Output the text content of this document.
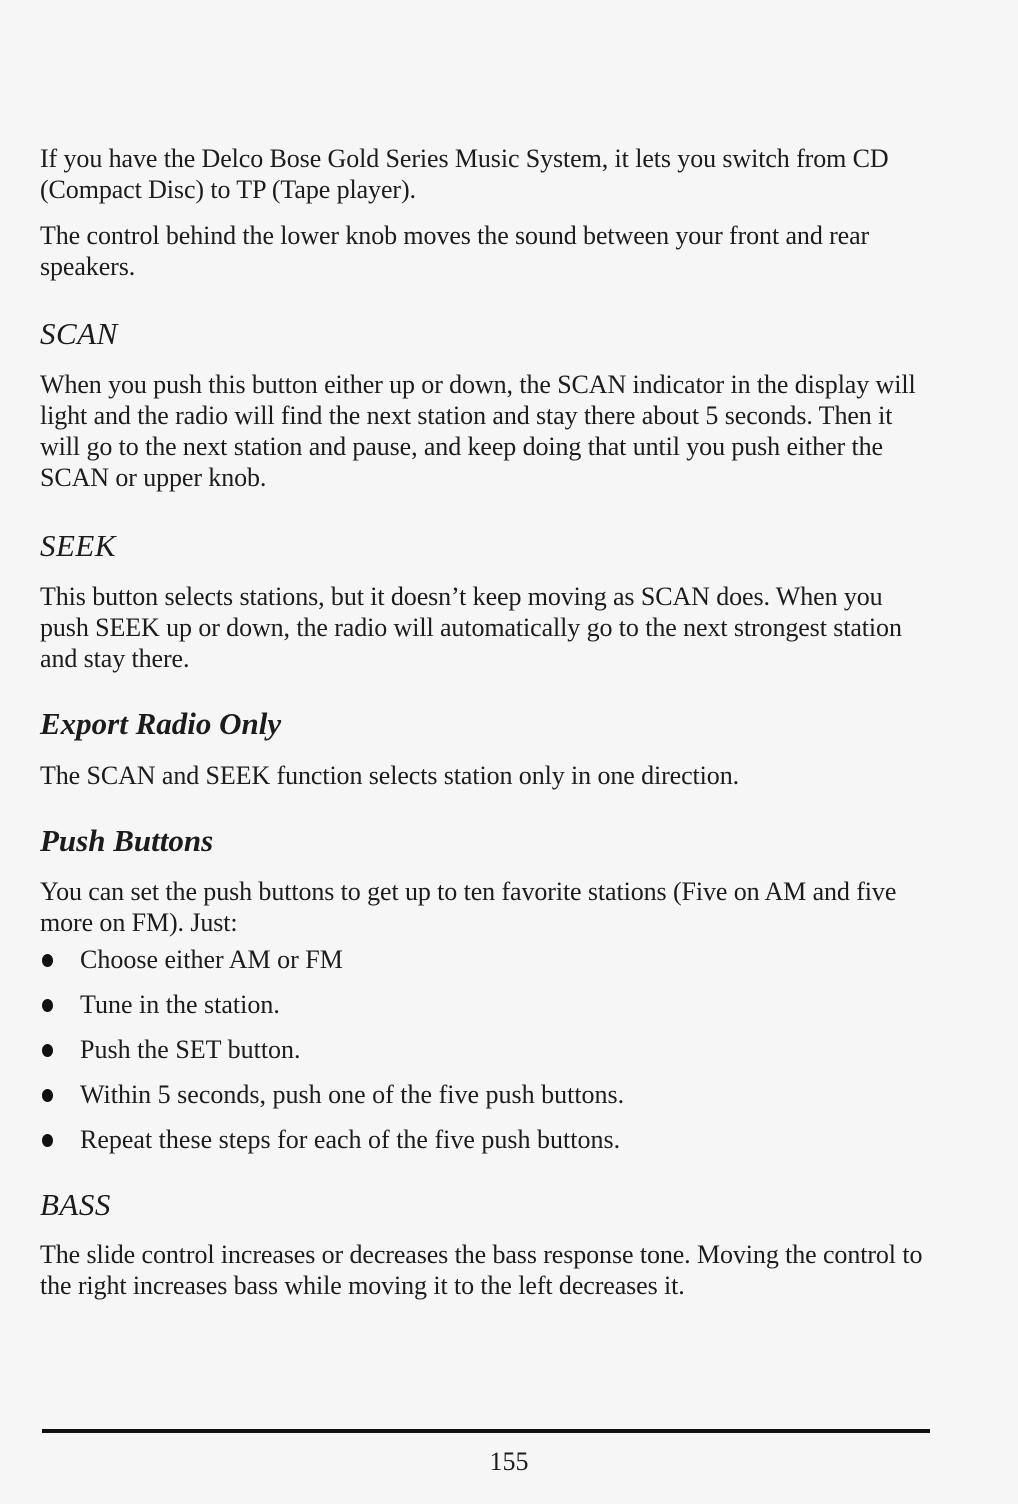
If you have the Delco Bose Gold Series Music System, it lets you switch from CD (Compact Disc) to TP (Tape player).

The control behind the lower knob moves the sound between your front and rear speakers.

SCAN

When you push this button either up or down, the SCAN indicator in the display will light and the radio will find the next station and stay there about 5 seconds. Then it will go to the next station and pause, and keep doing that until you push either the SCAN or upper knob.

SEEK

This button selects stations, but it doesn’t keep moving as SCAN does. When you push SEEK up or down, the radio will automatically go to the next strongest station and stay there.

Export Radio Only

The SCAN and SEEK function selects station only in one direction.

Push Buttons

You can set the push buttons to get up to ten favorite stations (Five on AM and five more on FM). Just:

Choose either AM or FM
Tune in the station.
Push the SET button.
Within 5 seconds, push one of the five push buttons.
Repeat these steps for each of the five push buttons.
BASS

The slide control increases or decreases the bass response tone. Moving the control to the right increases bass while moving it to the left decreases it.

155
